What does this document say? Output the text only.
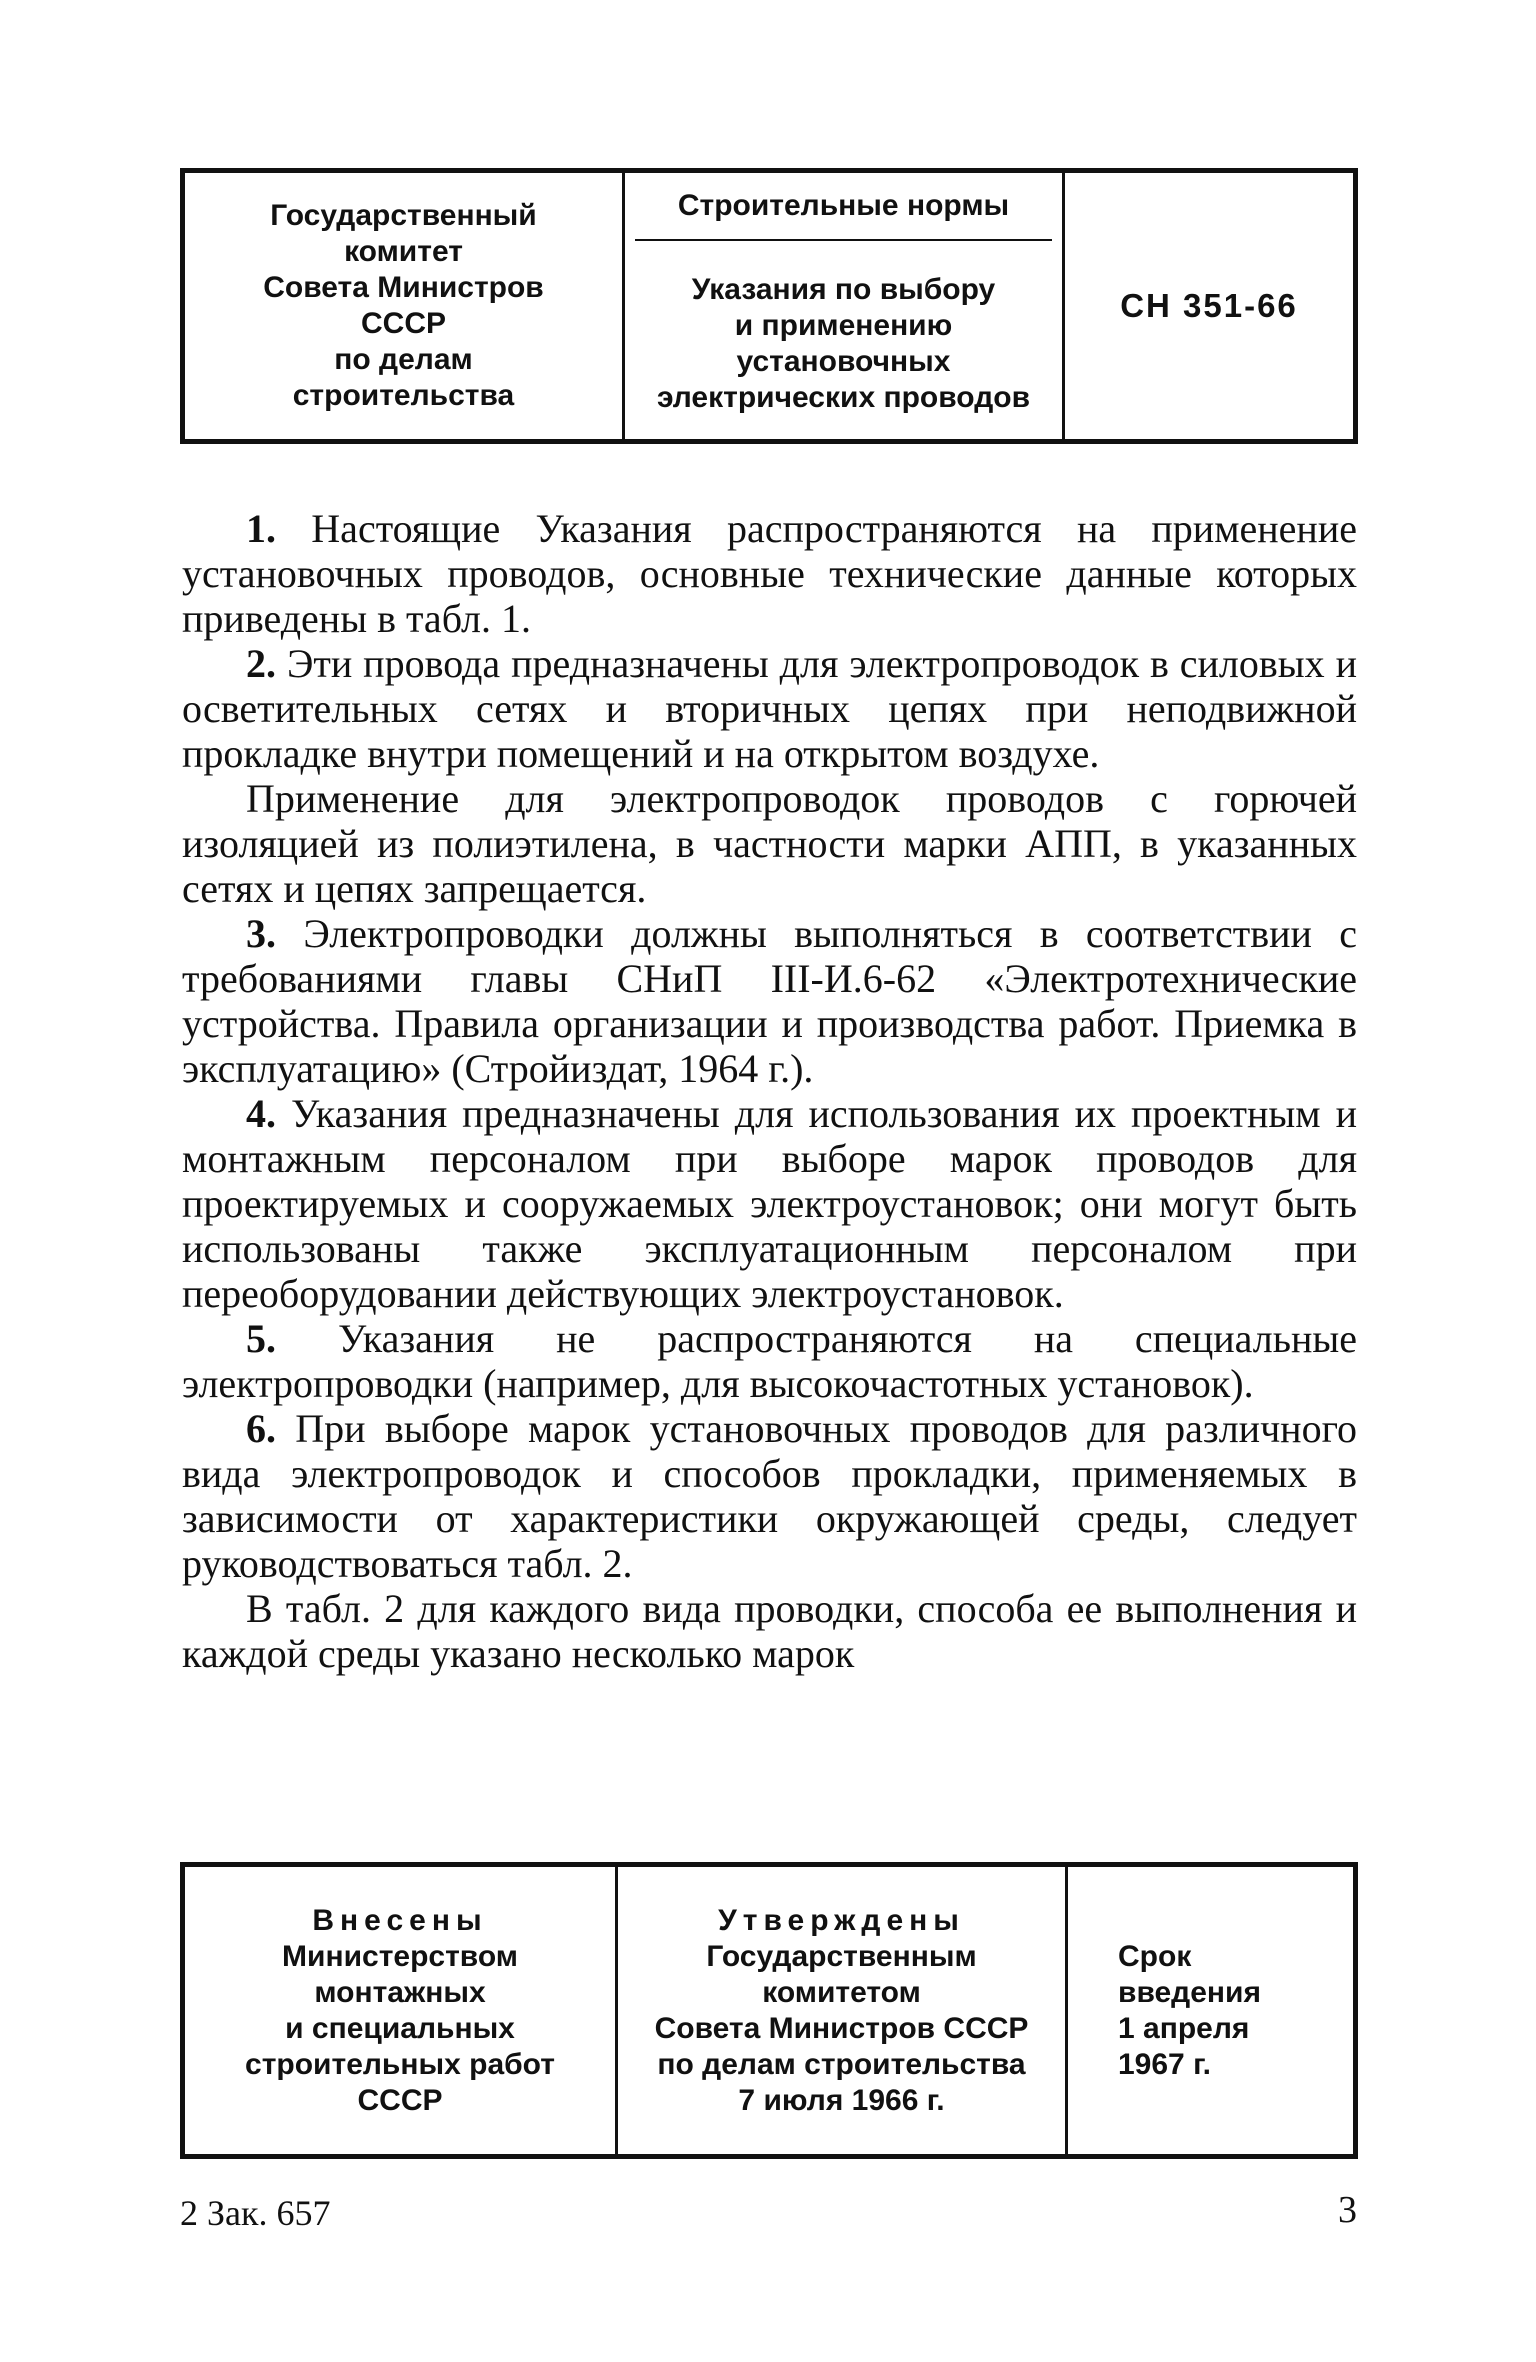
Государственный
комитет
Совета Министров
СССР
по делам
строительства
Строительные нормы
Указания по выбору
и применению
установочных
электрических проводов
СН 351-66

1. Настоящие Указания распространяются на применение установочных проводов, основные технические данные которых приведены в табл. 1.

2. Эти провода предназначены для электропроводок в силовых и осветительных сетях и вторичных цепях при неподвижной прокладке внутри помещений и на открытом воздухе.

Применение для электропроводок проводов с горючей изоляцией из полиэтилена, в частности марки АПП, в указанных сетях и цепях запрещается.

3. Электропроводки должны выполняться в соответствии с требованиями главы СНиП III-И.6-62 «Электротехнические устройства. Правила организации и производства работ. Приемка в эксплуатацию» (Стройиздат, 1964 г.).

4. Указания предназначены для использования их проектным и монтажным персоналом при выборе марок проводов для проектируемых и сооружаемых электроустановок; они могут быть использованы также эксплуатационным персоналом при переоборудовании действующих электроустановок.

5. Указания не распространяются на специальные электропроводки (например, для высокочастотных установок).

6. При выборе марок установочных проводов для различного вида электропроводок и способов прокладки, применяемых в зависимости от характеристики окружающей среды, следует руководствоваться табл. 2.

В табл. 2 для каждого вида проводки, способа ее выполнения и каждой среды указано несколько марок

Внесены
Министерством
монтажных
и специальных
строительных работ
СССР
Утверждены
Государственным
комитетом
Совета Министров СССР
по делам строительства
7 июля 1966 г.
Срок
введения
1 апреля
1967 г.
2 Зак. 657	3
